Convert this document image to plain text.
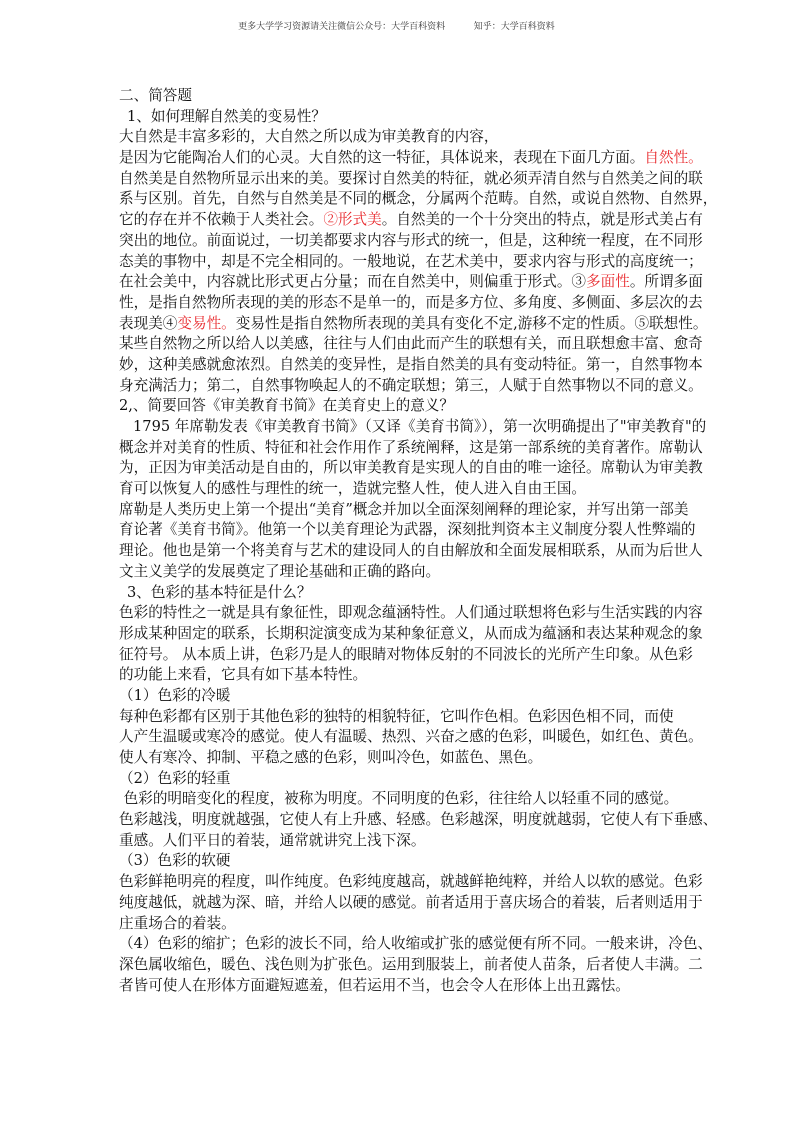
更多大学学习资源请关注微信公众号：大学百科资料	知乎：大学百科资料
二、简答题
1、如何理解自然美的变易性？
大自然是丰富多彩的，大自然之所以成为审美教育的内容，
是因为它能陶冶人们的心灵。大自然的这一特征，具体说来，表现在下面几方面。自然性。
自然美是自然物所显示出来的美。要探讨自然美的特征，就必须弄清自然与自然美之间的联
系与区别。首先，自然与自然美是不同的概念，分属两个范畴。自然，或说自然物、自然界，
它的存在并不依赖于人类社会。②形式美。自然美的一个十分突出的特点，就是形式美占有
突出的地位。前面说过，一切美都要求内容与形式的统一，但是，这种统一程度，在不同形
态美的事物中，却是不完全相同的。一般地说，在艺术美中，要求内容与形式的高度统一；
在社会美中，内容就比形式更占分量；而在自然美中，则偏重于形式。③多面性。所谓多面
性，是指自然物所表现的美的形态不是单一的，而是多方位、多角度、多侧面、多层次的去
表现美④变易性。变易性是指自然物所表现的美具有变化不定,游移不定的性质。⑤联想性。
某些自然物之所以给人以美感，往往与人们由此而产生的联想有关，而且联想愈丰富、愈奇
妙，这种美感就愈浓烈。自然美的变异性，是指自然美的具有变动特征。第一，自然事物本
身充满活力；第二，自然事物唤起人的不确定联想；第三，人赋于自然事物以不同的意义。
2,、简要回答《审美教育书简》在美育史上的意义？
1795 年席勒发表《审美教育书简》（又译《美育书简》），第一次明确提出了"审美教育"的
概念并对美育的性质、特征和社会作用作了系统阐释，这是第一部系统的美育著作。席勒认
为，正因为审美活动是自由的，所以审美教育是实现人的自由的唯一途径。席勒认为审美教
育可以恢复人的感性与理性的统一，造就完整人性，使人进入自由王国。
席勒是人类历史上第一个提出“美育”概念并加以全面深刻阐释的理论家，并写出第一部美
育论著《美育书简》。他第一个以美育理论为武器，深刻批判资本主义制度分裂人性弊端的
理论。他也是第一个将美育与艺术的建设同人的自由解放和全面发展相联系，从而为后世人
文主义美学的发展奠定了理论基础和正确的路向。
3、色彩的基本特征是什么？
色彩的特性之一就是具有象征性，即观念蕴涵特性。人们通过联想将色彩与生活实践的内容
形成某种固定的联系，长期积淀演变成为某种象征意义，从而成为蕴涵和表达某种观念的象
征符号。 从本质上讲，色彩乃是人的眼睛对物体反射的不同波长的光所产生印象。从色彩
的功能上来看，它具有如下基本特性。
（1）色彩的冷暖
每种色彩都有区别于其他色彩的独特的相貌特征，它叫作色相。色彩因色相不同，而使
人产生温暖或寒冷的感觉。使人有温暖、热烈、兴奋之感的色彩，叫暖色，如红色、黄色。
使人有寒冷、抑制、平稳之感的色彩，则叫冷色，如蓝色、黑色。
（2）色彩的轻重
色彩的明暗变化的程度，被称为明度。不同明度的色彩，往往给人以轻重不同的感觉。
色彩越浅，明度就越强，它使人有上升感、轻感。色彩越深，明度就越弱，它使人有下垂感、
重感。人们平日的着装，通常就讲究上浅下深。
（3）色彩的软硬
色彩鲜艳明亮的程度，叫作纯度。色彩纯度越高，就越鲜艳纯粹，并给人以软的感觉。色彩
纯度越低，就越为深、暗，并给人以硬的感觉。前者适用于喜庆场合的着装，后者则适用于
庄重场合的着装。
（4）色彩的缩扩；色彩的波长不同，给人收缩或扩张的感觉便有所不同。一般来讲，冷色、
深色属收缩色，暖色、浅色则为扩张色。运用到服装上，前者使人苗条，后者使人丰满。二
者皆可使人在形体方面避短遮羞，但若运用不当，也会令人在形体上出丑露怯。
